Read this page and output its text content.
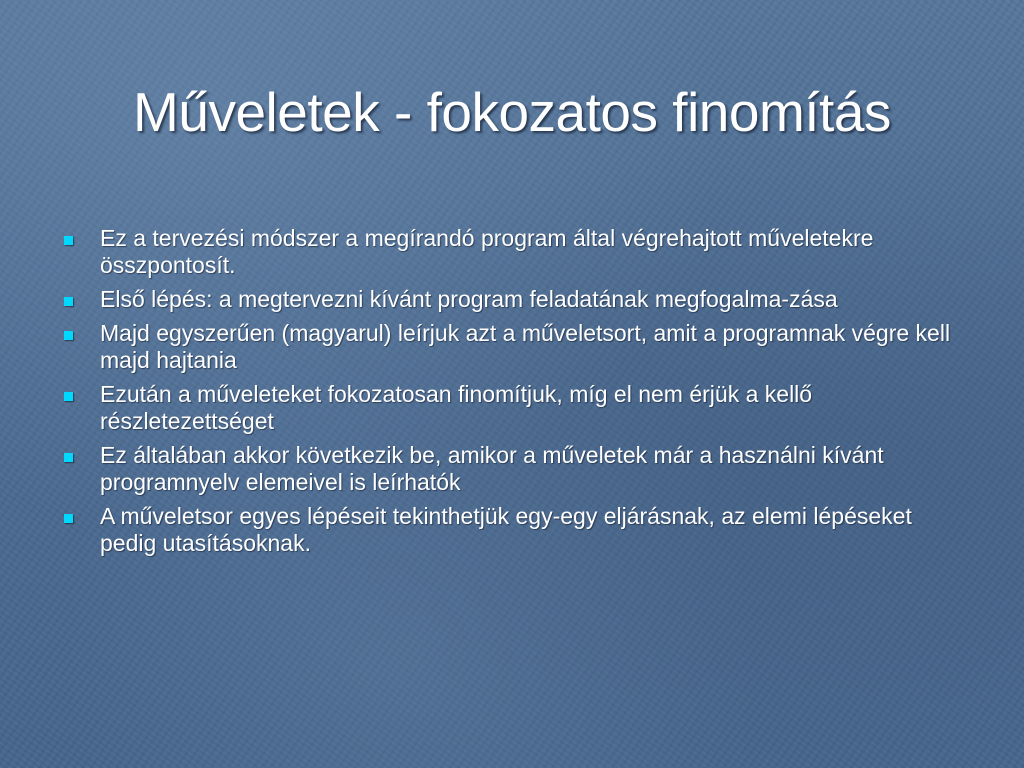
Műveletek - fokozatos finomítás
Ez a tervezési módszer a megírandó program által végrehajtott műveletekre összpontosít.
Első lépés: a megtervezni kívánt program feladatának megfogalma-zása
Majd egyszerűen (magyarul) leírjuk azt a műveletsort, amit a programnak végre kell majd hajtania
Ezután a műveleteket fokozatosan finomítjuk, míg el nem érjük a kellő részletezettséget
Ez általában akkor következik be, amikor a műveletek már a használni kívánt programnyelv elemeivel is leírhatók
A műveletsor egyes lépéseit tekinthetjük egy-egy eljárásnak, az elemi lépéseket pedig utasításoknak.
